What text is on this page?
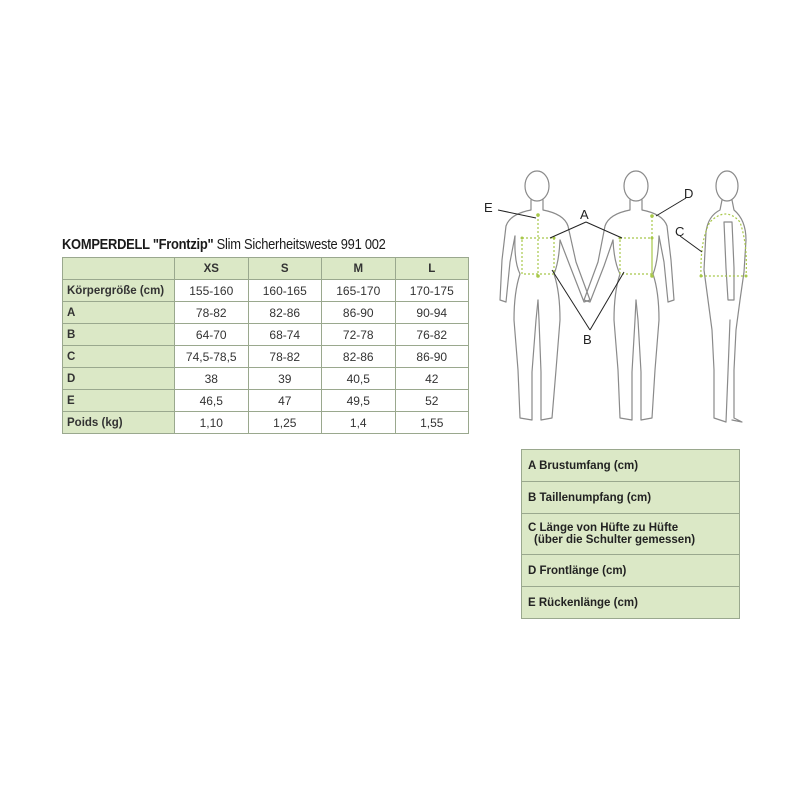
KOMPERDELL "Frontzip" Slim Sicherheitsweste 991 002
	XS	S	M	L
Körpergröße (cm)	155-160	160-165	165-170	170-175
A	78-82	82-86	86-90	90-94
B	64-70	68-74	72-78	76-82
C	74,5-78,5	78-82	82-86	86-90
D	38	39	40,5	42
E	46,5	47	49,5	52
Poids (kg)	1,10	1,25	1,4	1,55
E	A
D
C
B
A Brustumfang (cm)
B Taillenumpfang (cm)
C Länge von Hüfte zu Hüfte
(über die Schulter gemessen)

D Frontlänge (cm)
E Rückenlänge (cm)
